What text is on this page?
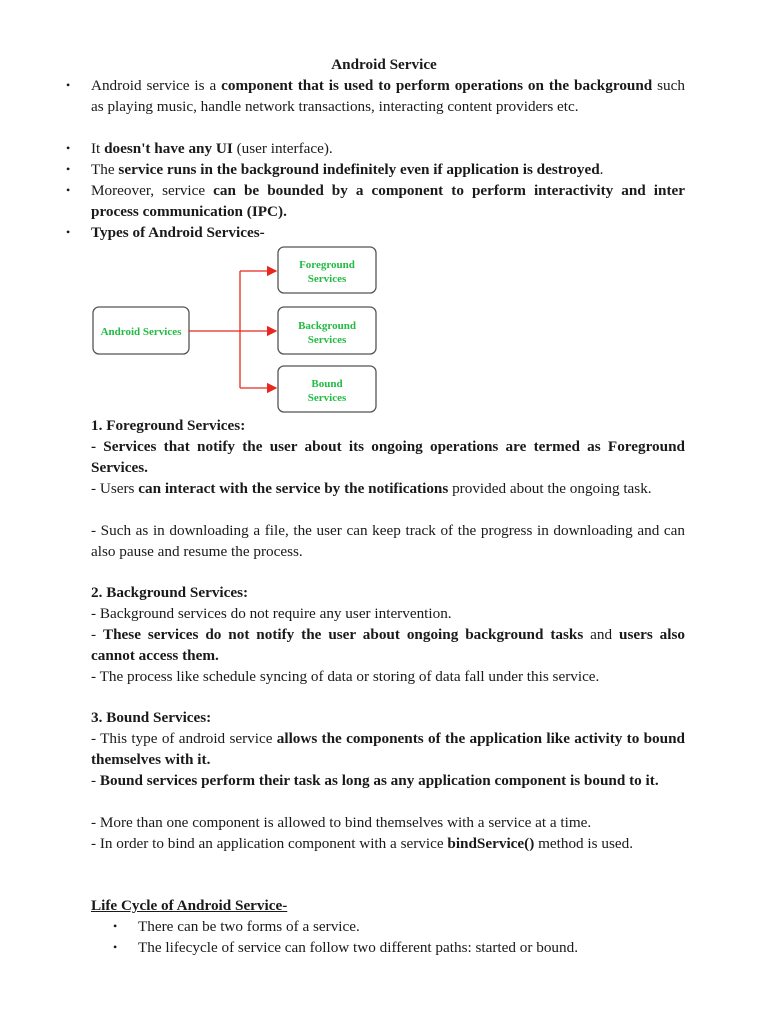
Android Service
• Android service is a component that is used to perform operations on the background such as playing music, handle network transactions, interacting content providers etc.

• It doesn't have any UI (user interface).

• The service runs in the background indefinitely even if application is destroyed.

• Moreover, service can be bounded by a component to perform interactivity and inter process communication (IPC).

• Types of Android Services-

Android Services
Foreground
Services
Background
Services
Bound
Services
1. Foreground Services:

- Services that notify the user about its ongoing operations are termed as Foreground Services.

- Users can interact with the service by the notifications provided about the ongoing task.

- Such as in downloading a file, the user can keep track of the progress in downloading and can also pause and resume the process.

2. Background Services:

- Background services do not require any user intervention.

- These services do not notify the user about ongoing background tasks and users also cannot access them.

- The process like schedule syncing of data or storing of data fall under this service.

3. Bound Services:

- This type of android service allows the components of the application like activity to bound themselves with it.

- Bound services perform their task as long as any application component is bound to it.

- More than one component is allowed to bind themselves with a service at a time.

- In order to bind an application component with a service bindService() method is used.

Life Cycle of Android Service-
• There can be two forms of a service.

• The lifecycle of service can follow two different paths: started or bound.
